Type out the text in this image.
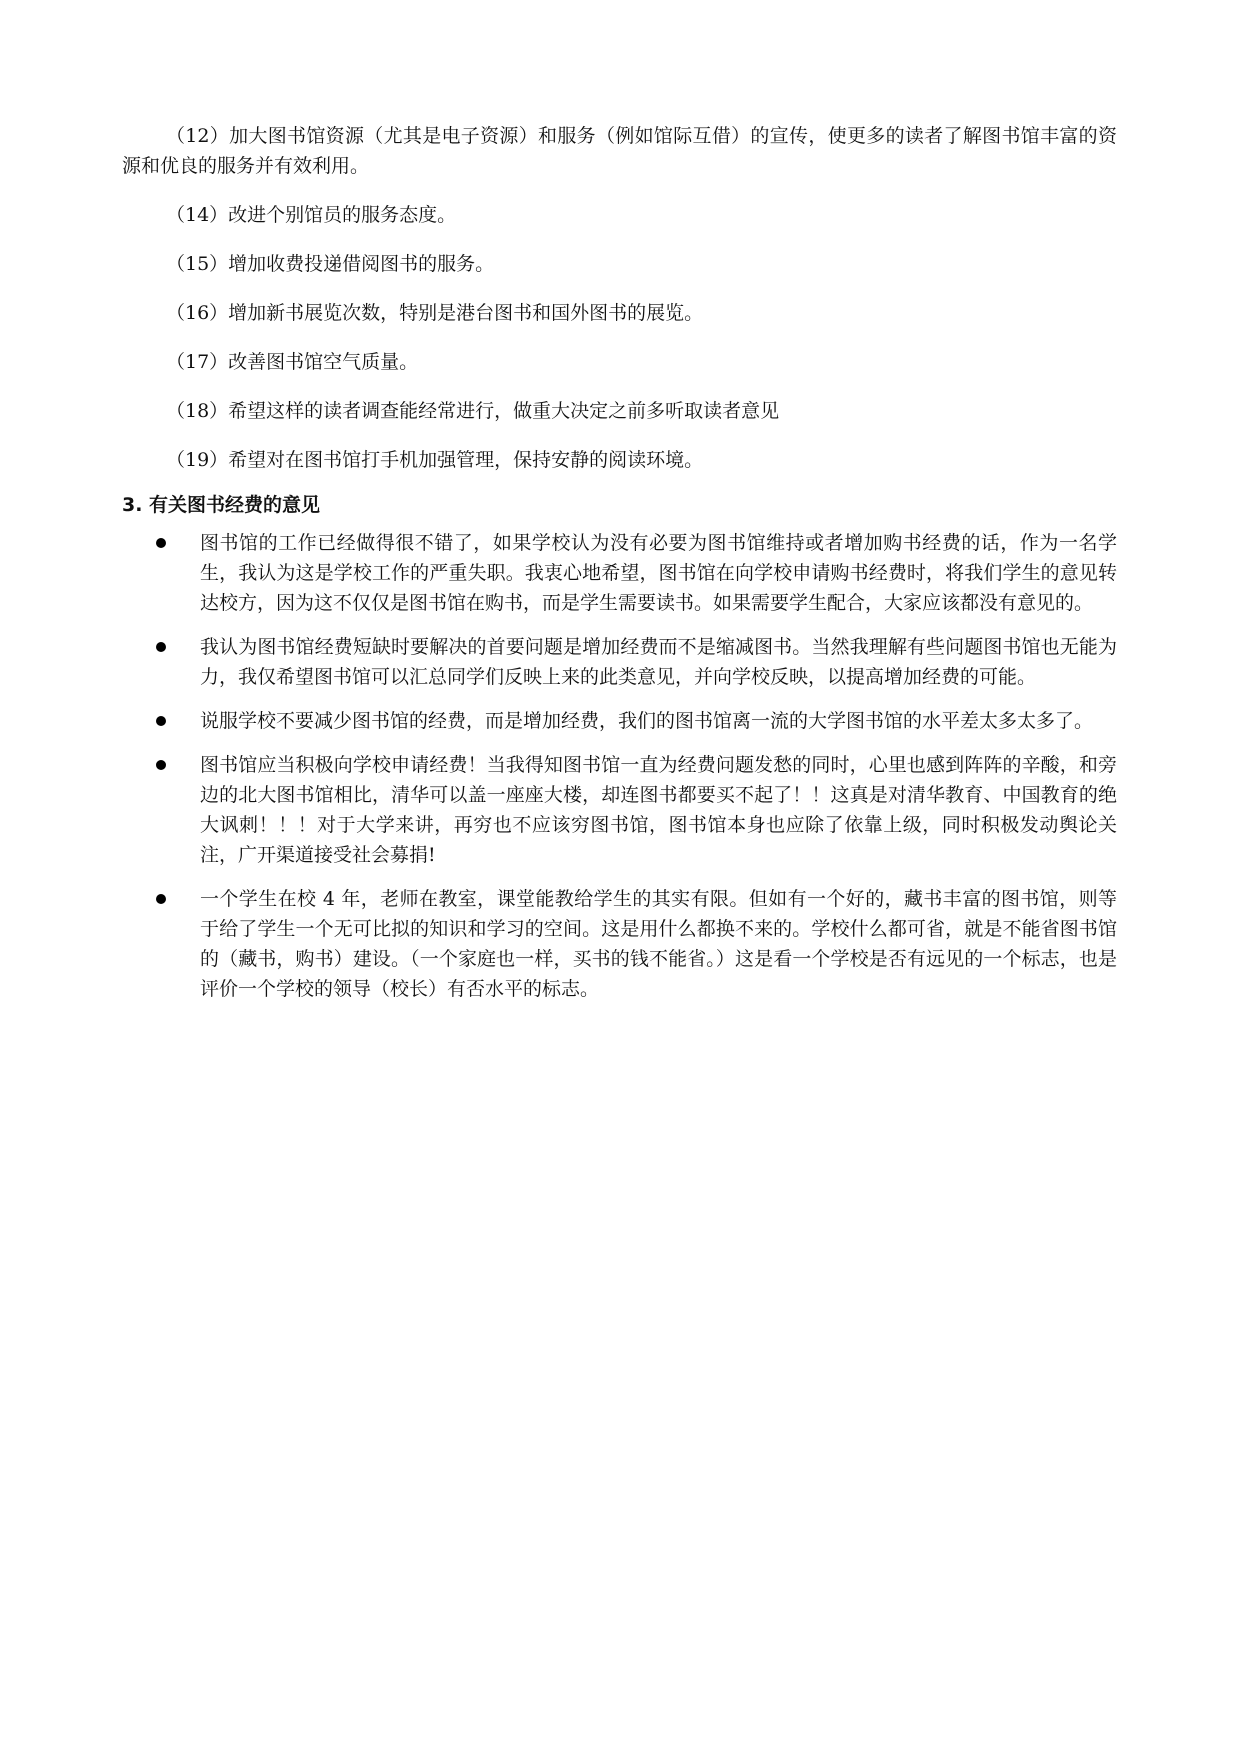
（12）加大图书馆资源（尤其是电子资源）和服务（例如馆际互借）的宣传，使更多的读者了解图书馆丰富的资源和优良的服务并有效利用。

（14）改进个别馆员的服务态度。

（15）增加收费投递借阅图书的服务。

（16）增加新书展览次数，特别是港台图书和国外图书的展览。

（17）改善图书馆空气质量。

（18）希望这样的读者调查能经常进行，做重大决定之前多听取读者意见

（19）希望对在图书馆打手机加强管理，保持安静的阅读环境。

3. 有关图书经费的意见
图书馆的工作已经做得很不错了，如果学校认为没有必要为图书馆维持或者增加购书经费的话，作为一名学生，我认为这是学校工作的严重失职。我衷心地希望，图书馆在向学校申请购书经费时，将我们学生的意见转达校方，因为这不仅仅是图书馆在购书，而是学生需要读书。如果需要学生配合，大家应该都没有意见的。
我认为图书馆经费短缺时要解决的首要问题是增加经费而不是缩减图书。当然我理解有些问题图书馆也无能为力，我仅希望图书馆可以汇总同学们反映上来的此类意见，并向学校反映，以提高增加经费的可能。
说服学校不要减少图书馆的经费，而是增加经费，我们的图书馆离一流的大学图书馆的水平差太多太多了。
图书馆应当积极向学校申请经费！当我得知图书馆一直为经费问题发愁的同时，心里也感到阵阵的辛酸，和旁边的北大图书馆相比，清华可以盖一座座大楼，却连图书都要买不起了！！这真是对清华教育、中国教育的绝大讽刺！！！对于大学来讲，再穷也不应该穷图书馆，图书馆本身也应除了依靠上级，同时积极发动舆论关注，广开渠道接受社会募捐!
一个学生在校 4 年，老师在教室，课堂能教给学生的其实有限。但如有一个好的，藏书丰富的图书馆，则等于给了学生一个无可比拟的知识和学习的空间。这是用什么都换不来的。学校什么都可省，就是不能省图书馆的（藏书，购书）建设。（一个家庭也一样，买书的钱不能省。）这是看一个学校是否有远见的一个标志，也是评价一个学校的领导（校长）有否水平的标志。
